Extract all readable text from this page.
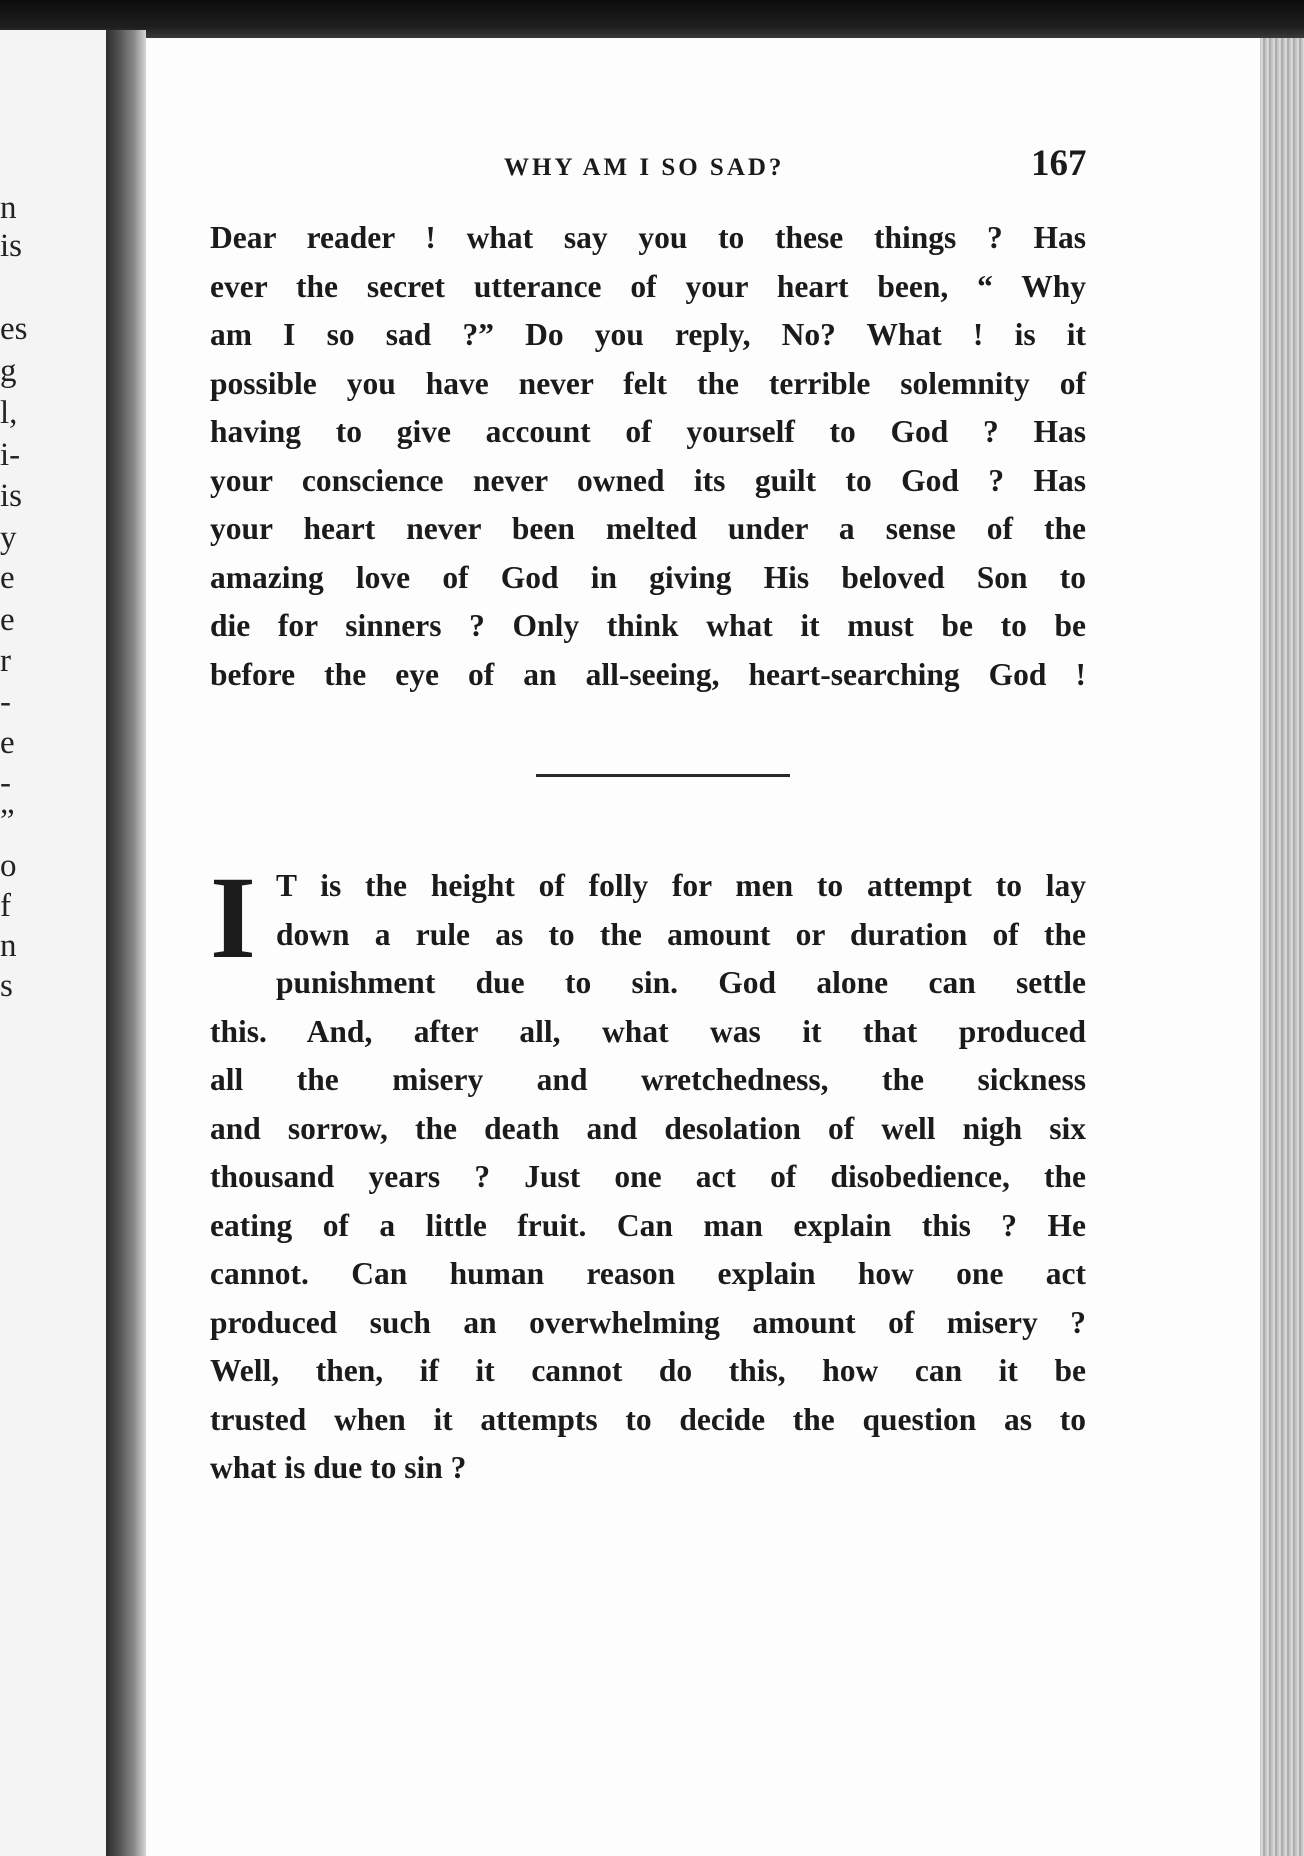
n
is
es
g
l,
i-
is
y
e
e
r
-
e
-
”
o
f
n
s
WHY AM I SO SAD?	167
Dear reader ! what say you to these things ? Has
ever the secret utterance of your heart been, “ Why
am I so sad ?” Do you reply, No? What ! is it
possible you have never felt the terrible solemnity of
having to give account of yourself to God ? Has
your conscience never owned its guilt to God ? Has
your heart never been melted under a sense of the
amazing love of God in giving His beloved Son to
die for sinners ? Only think what it must be to be
before the eye of an all-seeing, heart-searching God !
I T is the height of folly for men to attempt to lay
down a rule as to the amount or duration of the
punishment due to sin. God alone can settle
this. And, after all, what was it that produced
all the misery and wretchedness, the sickness
and sorrow, the death and desolation of well nigh six
thousand years ? Just one act of disobedience, the
eating of a little fruit. Can man explain this ? He
cannot. Can human reason explain how one act
produced such an overwhelming amount of misery ?
Well, then, if it cannot do this, how can it be
trusted when it attempts to decide the question as to
what is due to sin ?
